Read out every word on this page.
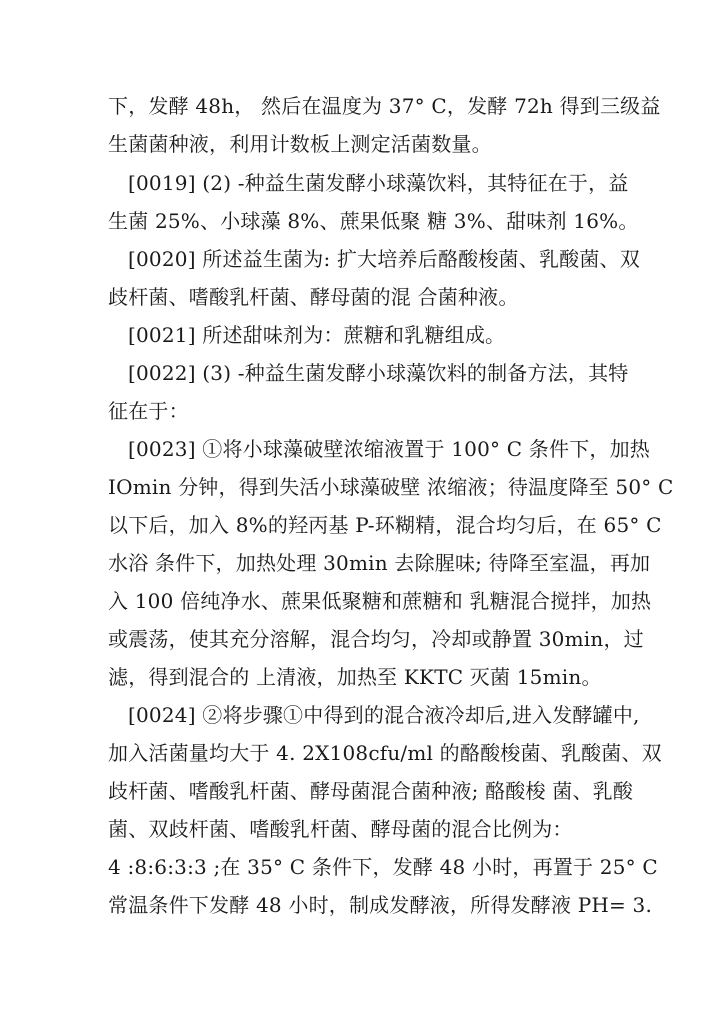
下，发酵 48h， 然后在温度为 37° C，发酵 72h 得到三级益
生菌菌种液，利用计数板上测定活菌数量。
[0019] (2) -种益生菌发酵小球藻饮料，其特征在于，益
生菌 25%、小球藻 8%、蔗果低聚 糖 3%、甜味剂 16%。
[0020] 所述益生菌为: 扩大培养后酪酸梭菌、乳酸菌、双
歧杆菌、嗜酸乳杆菌、酵母菌的混 合菌种液。
[0021] 所述甜味剂为：蔗糖和乳糖组成。
[0022] (3) -种益生菌发酵小球藻饮料的制备方法，其特
征在于：
[0023] ①将小球藻破壁浓缩液置于 100° C 条件下，加热
IOmin 分钟，得到失活小球藻破壁 浓缩液；待温度降至 50° C
以下后，加入 8%的羟丙基 P-环糊精，混合均匀后，在 65° C
水浴 条件下，加热处理 30min 去除腥味; 待降至室温，再加
入 100 倍纯净水、蔗果低聚糖和蔗糖和 乳糖混合搅拌，加热
或震荡，使其充分溶解，混合均匀，冷却或静置 30min，过
滤，得到混合的 上清液，加热至 KKTC 灭菌 15min。
[0024] ②将步骤①中得到的混合液冷却后,进入发酵罐中,
加入活菌量均大于 4. 2X108cfu/ml 的酪酸梭菌、乳酸菌、双
歧杆菌、嗜酸乳杆菌、酵母菌混合菌种液; 酪酸梭 菌、乳酸
菌、双歧杆菌、嗜酸乳杆菌、酵母菌的混合比例为：
4 :8:6:3:3 ;在 35° C 条件下，发酵 48 小时，再置于 25° C
常温条件下发酵 48 小时，制成发酵液，所得发酵液 PH= 3.
